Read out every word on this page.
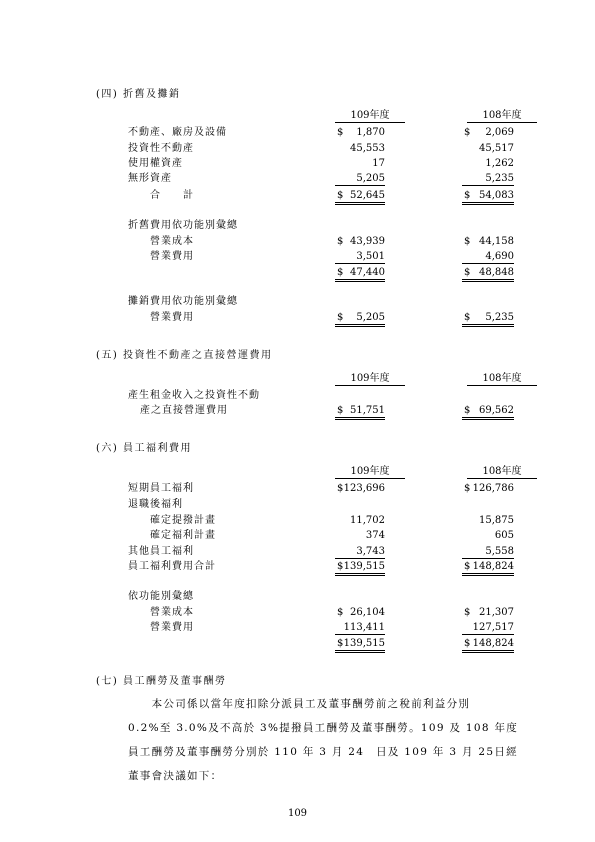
(四) 折舊及攤銷
109年度	108年度
不動產、廠房及設備	$	1,870	$	2,069
投資性不動產	45,553	45,517
使用權資產	17	1,262
無形資產	5,205	5,235
合　　計	$ 52,645	$ 54,083
折舊費用依功能別彙總
營業成本	$ 43,939	$ 44,158
營業費用	3,501	4,690
$ 47,440	$ 48,848
攤銷費用依功能別彙總
營業費用	$	5,205	$	5,235
(五) 投資性不動產之直接營運費用
109年度	108年度
產生租金收入之投資性不動
產之直接營運費用	$ 51,751	$ 69,562
(六) 員工福利費用
109年度	108年度
短期員工福利	$ 123,696	$ 126,786
退職後福利
確定提撥計畫	11,702	15,875
確定福利計畫	374	605
其他員工福利	3,743	5,558
員工福利費用合計	$ 139,515	$ 148,824
依功能別彙總
營業成本	$ 26,104	$ 21,307
營業費用	113,411	127,517
$ 139,515	$ 148,824
(七) 員工酬勞及董事酬勞
　　本公司係以當年度扣除分派員工及董事酬勞前之稅前利益分別
0.2%至 3.0%及不高於 3%提撥員工酬勞及董事酬勞。109 及 108 年度
員工酬勞及董事酬勞分別於 110 年 3 月 24　日及 109 年 3 月 25日經
董事會決議如下：
109
